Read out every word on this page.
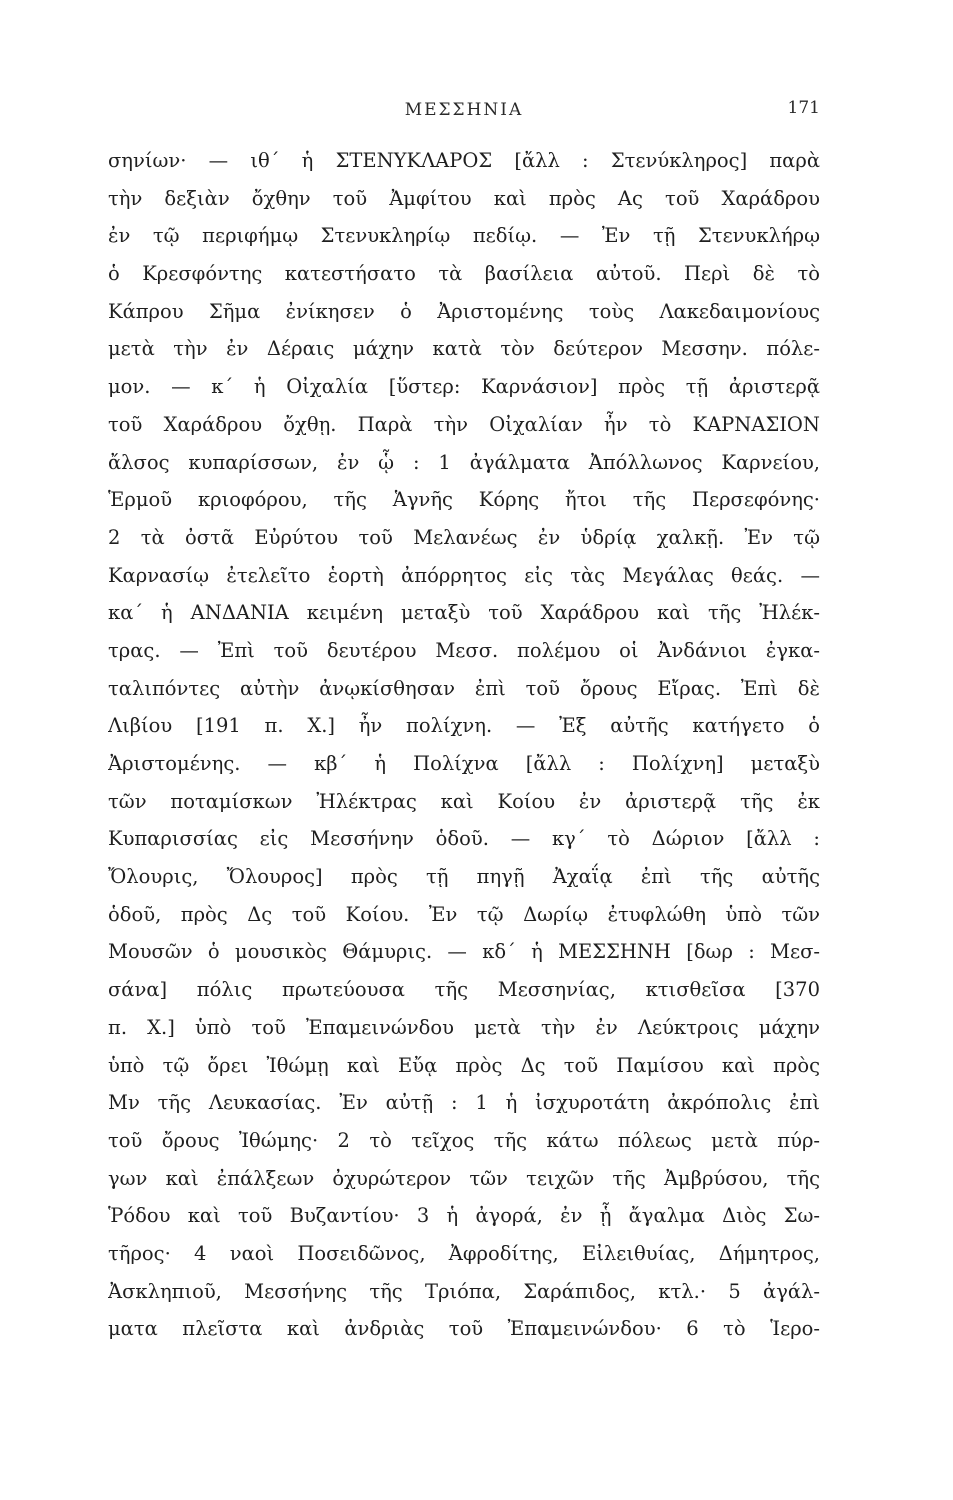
ΜΕΣΣΗΝΙΑ	171
σηνίων· — ιθ΄ ἡ ΣΤΕΝΥΚΛΑΡΟΣ [ἄλλ : Στενύκληρος] παρὰ
τὴν δεξιὰν ὄχθην τοῦ Ἀμφίτου καὶ πρὸς Ας τοῦ Χαράδρου
ἐν τῷ περιφήμῳ Στενυκληρίῳ πεδίῳ. — Ἐν τῇ Στενυκλήρῳ
ὁ Κρεσφόντης κατεστήσατο τὰ βασίλεια αὐτοῦ. Περὶ δὲ τὸ
Κάπρου Σῆμα ἐνίκησεν ὁ Ἀριστομένης τοὺς Λακεδαιμονίους
μετὰ τὴν ἐν Δέραις μάχην κατὰ τὸν δεύτερον Μεσσην. πόλε-
μον. — κ΄ ἡ Οἰχαλία [ὕστερ: Καρνάσιον] πρὸς τῇ ἀριστερᾷ
τοῦ Χαράδρου ὄχθῃ. Παρὰ τὴν Οἰχαλίαν ἦν τὸ ΚΑΡΝΑΣΙΟΝ
ἄλσος κυπαρίσσων, ἐν ᾧ : 1 ἀγάλματα Ἀπόλλωνος Καρνείου,
Ἑρμοῦ κριοφόρου, τῆς Ἁγνῆς Κόρης ἤτοι τῆς Περσεφόνης·
2 τὰ ὀστᾶ Εὐρύτου τοῦ Μελανέως ἐν ὑδρίᾳ χαλκῇ. Ἐν τῷ
Καρνασίῳ ἐτελεῖτο ἑορτὴ ἀπόρρητος εἰς τὰς Μεγάλας θεάς. —
κα΄ ἡ ΑΝΔΑΝΙΑ κειμένη μεταξὺ τοῦ Χαράδρου καὶ τῆς Ἠλέκ-
τρας. — Ἐπὶ τοῦ δευτέρου Μεσσ. πολέμου οἱ Ἀνδάνιοι ἐγκα-
ταλιπόντες αὐτὴν ἀνῳκίσθησαν ἐπὶ τοῦ ὄρους Εἴρας. Ἐπὶ δὲ
Λιβίου [191 π. Χ.] ἦν πολίχνη. — Ἐξ αὐτῆς κατήγετο ὁ
Ἀριστομένης. — κβ΄ ἡ Πολίχνα [ἄλλ : Πολίχνη] μεταξὺ
τῶν ποταμίσκων Ἠλέκτρας καὶ Κοίου ἐν ἀριστερᾷ τῆς ἐκ
Κυπαρισσίας εἰς Μεσσήνην ὁδοῦ. — κγ΄ τὸ Δώριον [ἄλλ :
Ὄλουρις, Ὄλουρος] πρὸς τῇ πηγῇ Ἀχαΐᾳ ἐπὶ τῆς αὐτῆς
ὁδοῦ, πρὸς Δς τοῦ Κοίου. Ἐν τῷ Δωρίῳ ἐτυφλώθη ὑπὸ τῶν
Μουσῶν ὁ μουσικὸς Θάμυρις. — κδ΄ ἡ ΜΕΣΣΗΝΗ [δωρ : Μεσ-
σάνα] πόλις πρωτεύουσα τῆς Μεσσηνίας, κτισθεῖσα [370
π. Χ.] ὑπὸ τοῦ Ἐπαμεινώνδου μετὰ τὴν ἐν Λεύκτροις μάχην
ὑπὸ τῷ ὄρει Ἰθώμῃ καὶ Εὔᾳ πρὸς Δς τοῦ Παμίσου καὶ πρὸς
Μν τῆς Λευκασίας. Ἐν αὐτῇ : 1 ἡ ἰσχυροτάτη ἀκρόπολις ἐπὶ
τοῦ ὄρους Ἰθώμης· 2 τὸ τεῖχος τῆς κάτω πόλεως μετὰ πύρ-
γων καὶ ἐπάλξεων ὀχυρώτερον τῶν τειχῶν τῆς Ἀμβρύσου, τῆς
Ῥόδου καὶ τοῦ Βυζαντίου· 3 ἡ ἀγορά, ἐν ᾗ ἄγαλμα Διὸς Σω-
τῆρος· 4 ναοὶ Ποσειδῶνος, Ἀφροδίτης, Εἰλειθυίας, Δήμητρος,
Ἀσκληπιοῦ, Μεσσήνης τῆς Τριόπα, Σαράπιδος, κτλ.· 5 ἀγάλ-
ματα πλεῖστα καὶ ἀνδριὰς τοῦ Ἐπαμεινώνδου· 6 τὸ Ἱερο-
